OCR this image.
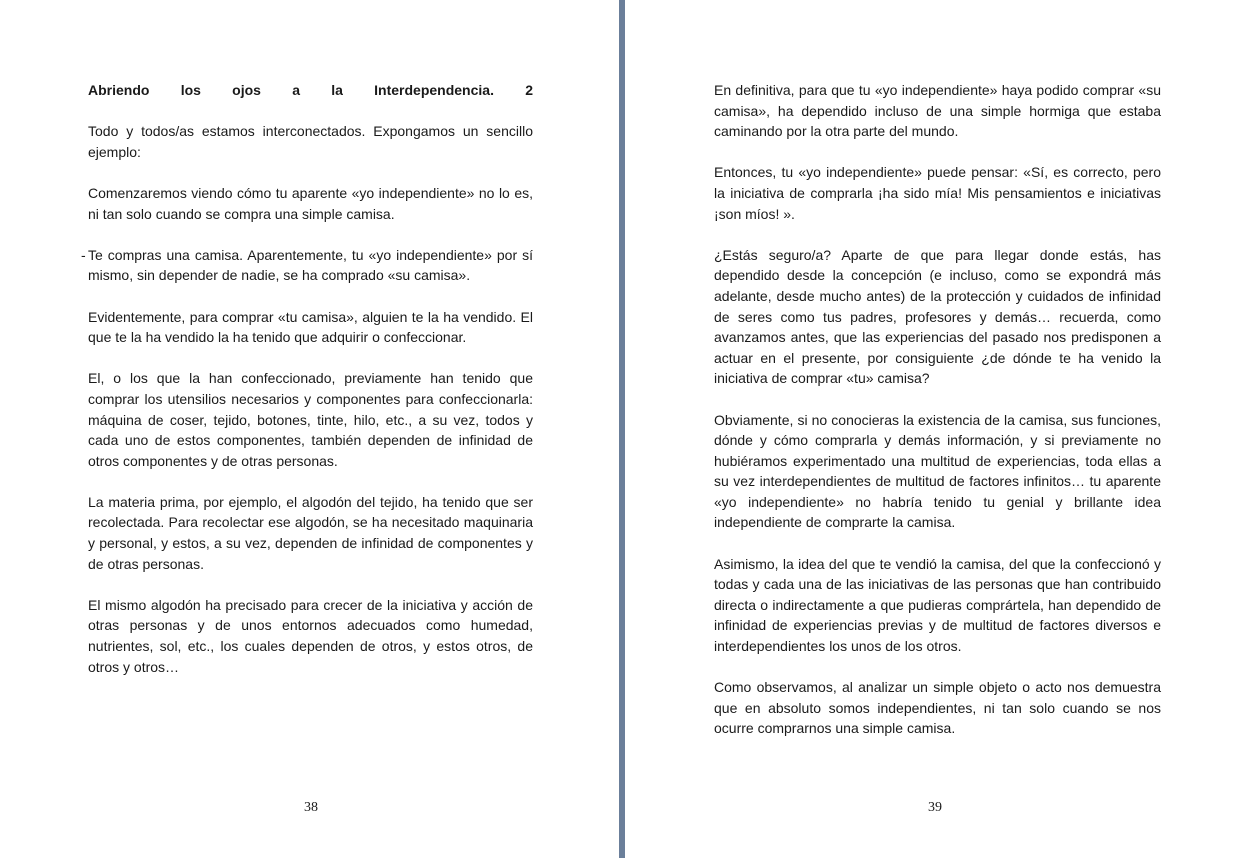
Abriendo los ojos a la Interdependencia. 2

Todo y todos/as estamos interconectados. Expongamos un sencillo ejemplo:

Comenzaremos viendo cómo tu aparente «yo independiente» no lo es, ni tan solo cuando se compra una simple camisa.

- Te compras una camisa. Aparentemente, tu «yo independiente» por sí mismo, sin depender de nadie, se ha comprado «su camisa».

Evidentemente, para comprar «tu camisa», alguien te la ha vendido. El que te la ha vendido la ha tenido que adquirir o confeccionar.

El, o los que la han confeccionado, previamente han tenido que comprar los utensilios necesarios y componentes para confeccionarla: máquina de coser, tejido, botones, tinte, hilo, etc., a su vez, todos y cada uno de estos componentes, también dependen de infinidad de otros componentes y de otras personas.

La materia prima, por ejemplo, el algodón del tejido, ha tenido que ser recolectada. Para recolectar ese algodón, se ha necesitado maquinaria y personal, y estos, a su vez, dependen de infinidad de componentes y de otras personas.

El mismo algodón ha precisado para crecer de la iniciativa y acción de otras personas y de unos entornos adecuados como humedad, nutrientes, sol, etc., los cuales dependen de otros, y estos otros, de otros y otros…

38

En definitiva, para que tu «yo independiente» haya podido comprar «su camisa», ha dependido incluso de una simple hormiga que estaba caminando por la otra parte del mundo.

Entonces, tu «yo independiente» puede pensar: «Sí, es correcto, pero la iniciativa de comprarla ¡ha sido mía! Mis pensamientos e iniciativas ¡son míos! ».

¿Estás seguro/a? Aparte de que para llegar donde estás, has dependido desde la concepción (e incluso, como se expondrá más adelante, desde mucho antes) de la protección y cuidados de infinidad de seres como tus padres, profesores y demás… recuerda, como avanzamos antes, que las experiencias del pasado nos predisponen a actuar en el presente, por consiguiente ¿de dónde te ha venido la iniciativa de comprar «tu» camisa?

Obviamente, si no conocieras la existencia de la camisa, sus funciones, dónde y cómo comprarla y demás información, y si previamente no hubiéramos experimentado una multitud de experiencias, toda ellas a su vez interdependientes de multitud de factores infinitos… tu aparente «yo independiente» no habría tenido tu genial y brillante idea independiente de comprarte la camisa.

Asimismo, la idea del que te vendió la camisa, del que la confeccionó y todas y cada una de las iniciativas de las personas que han contribuido directa o indirectamente a que pudieras comprártela, han dependido de infinidad de experiencias previas y de multitud de factores diversos e interdependientes los unos de los otros.

Como observamos, al analizar un simple objeto o acto nos demuestra que en absoluto somos independientes, ni tan solo cuando se nos ocurre comprarnos una simple camisa.

39
